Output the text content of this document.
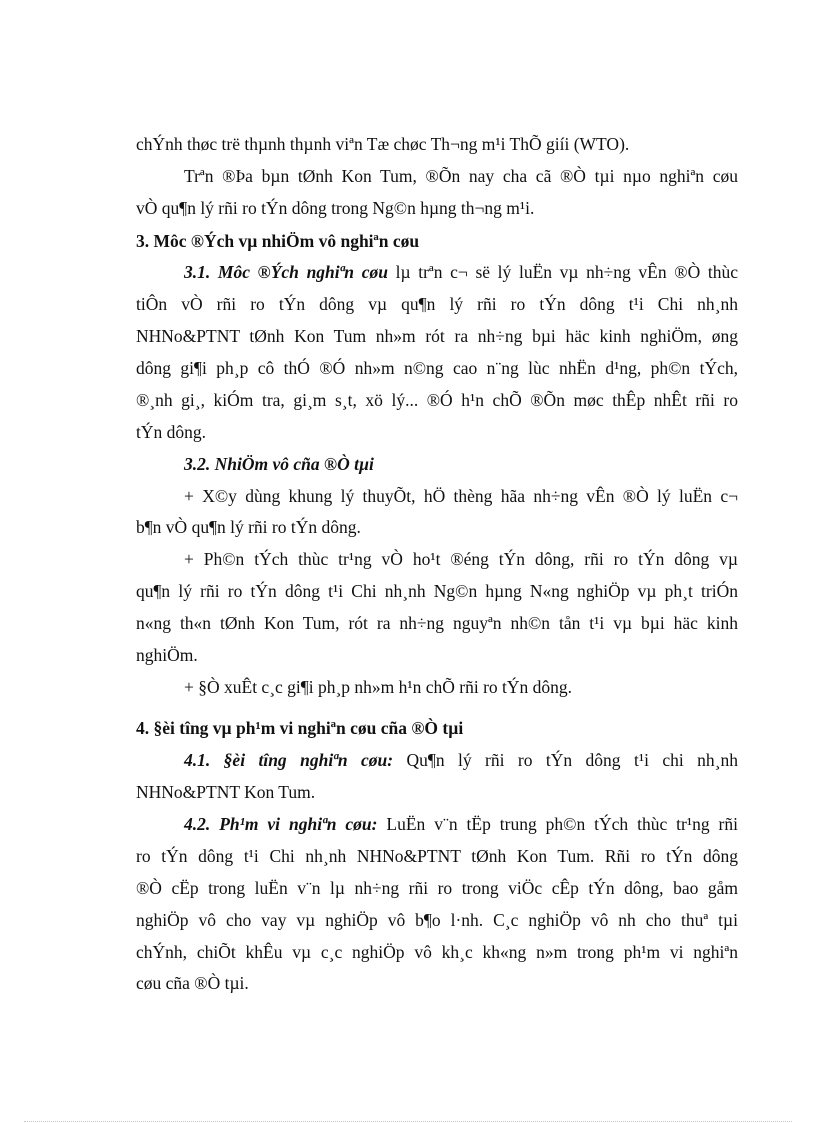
chÝnh thøc trë thµnh thµnh viªn Tæ chøc Th¬ng m¹i ThÕ giíi (WTO).
Trªn ®Þa bµn tØnh Kon Tum, ®Õn nay cha cã ®Ò tµi nµo nghiªn cøu
vÒ qu¶n lý rñi ro tÝn dông trong Ng©n hµng th¬ng m¹i.
3. Môc ®Ých vµ nhiÖm vô nghiªn cøu
3.1. Môc ®Ých nghiªn cøu lµ trªn c¬ së lý luËn vµ nh÷ng vÊn ®Ò thùc
tiÔn vÒ rñi ro tÝn dông vµ qu¶n lý rñi ro tÝn dông t¹i Chi nh¸nh
NHNo&PTNT tØnh Kon Tum nh»m rót ra nh÷ng bµi häc kinh nghiÖm, øng
dông gi¶i ph¸p cô thÓ ®Ó nh»m n©ng cao n¨ng lùc nhËn d¹ng, ph©n tÝch,
®¸nh gi¸, kiÓm tra, gi¸m s¸t, xö lý... ®Ó h¹n chÕ ®Õn møc thÊp nhÊt rñi ro
tÝn dông.
3.2. NhiÖm vô cña ®Ò tµi
+ X©y dùng khung lý thuyÕt, hÖ thèng hãa nh÷ng vÊn ®Ò lý luËn c¬
b¶n vÒ qu¶n lý rñi ro tÝn dông.
+ Ph©n tÝch thùc tr¹ng vÒ ho¹t ®éng tÝn dông, rñi ro tÝn dông vµ
qu¶n lý rñi ro tÝn dông t¹i Chi nh¸nh Ng©n hµng N«ng nghiÖp vµ ph¸t triÓn
n«ng th«n tØnh Kon Tum, rót ra nh÷ng nguyªn nh©n tån t¹i vµ bµi häc kinh
nghiÖm.
+ §Ò xuÊt c¸c gi¶i ph¸p nh»m h¹n chÕ rñi ro tÝn dông.
4. §èi tîng vµ ph¹m vi nghiªn cøu cña ®Ò tµi
4.1. §èi tîng nghiªn cøu: Qu¶n lý rñi ro tÝn dông t¹i chi nh¸nh
NHNo&PTNT Kon Tum.
4.2. Ph¹m vi nghiªn cøu: LuËn v¨n tËp trung ph©n tÝch thùc tr¹ng rñi
ro tÝn dông t¹i Chi nh¸nh NHNo&PTNT tØnh Kon Tum. Rñi ro tÝn dông
®Ò cËp trong luËn v¨n lµ nh÷ng rñi ro trong viÖc cÊp tÝn dông, bao gåm
nghiÖp vô cho vay vµ nghiÖp vô b¶o l·nh. C¸c nghiÖp vô nh cho thuª tµi
chÝnh, chiÕt khÊu vµ c¸c nghiÖp vô kh¸c kh«ng n»m trong ph¹m vi nghiªn
cøu cña ®Ò tµi.
